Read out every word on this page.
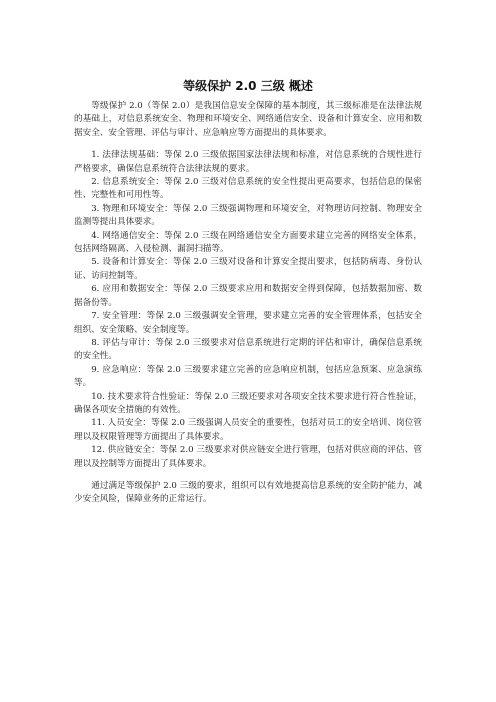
等级保护 2.0 三级 概述

等级保护 2.0（等保 2.0）是我国信息安全保障的基本制度，其三级标准是在法律法规的基础上，对信息系统安全、物理和环境安全、网络通信安全、设备和计算安全、应用和数据安全、安全管理、评估与审计、应急响应等方面提出的具体要求。

1. 法律法规基础：等保 2.0 三级依据国家法律法规和标准，对信息系统的合规性进行严格要求，确保信息系统符合法律法规的要求。

2. 信息系统安全：等保 2.0 三级对信息系统的安全性提出更高要求，包括信息的保密性、完整性和可用性等。

3. 物理和环境安全：等保 2.0 三级强调物理和环境安全，对物理访问控制、物理安全监测等提出具体要求。

4. 网络通信安全：等保 2.0 三级在网络通信安全方面要求建立完善的网络安全体系，包括网络隔离、入侵检测、漏洞扫描等。

5. 设备和计算安全：等保 2.0 三级对设备和计算安全提出要求，包括防病毒、身份认证、访问控制等。

6. 应用和数据安全：等保 2.0 三级要求应用和数据安全得到保障，包括数据加密、数据备份等。

7. 安全管理：等保 2.0 三级强调安全管理，要求建立完善的安全管理体系，包括安全组织、安全策略、安全制度等。

8. 评估与审计：等保 2.0 三级要求对信息系统进行定期的评估和审计，确保信息系统的安全性。

9. 应急响应：等保 2.0 三级要求建立完善的应急响应机制，包括应急预案、应急演练等。

10. 技术要求符合性验证：等保 2.0 三级还要求对各项安全技术要求进行符合性验证，确保各项安全措施的有效性。

11. 人员安全：等保 2.0 三级强调人员安全的重要性，包括对员工的安全培训、岗位管理以及权限管理等方面提出了具体要求。

12. 供应链安全：等保 2.0 三级要求对供应链安全进行管理，包括对供应商的评估、管理以及控制等方面提出了具体要求。

通过满足等级保护 2.0 三级的要求，组织可以有效地提高信息系统的安全防护能力，减少安全风险，保障业务的正常运行。
